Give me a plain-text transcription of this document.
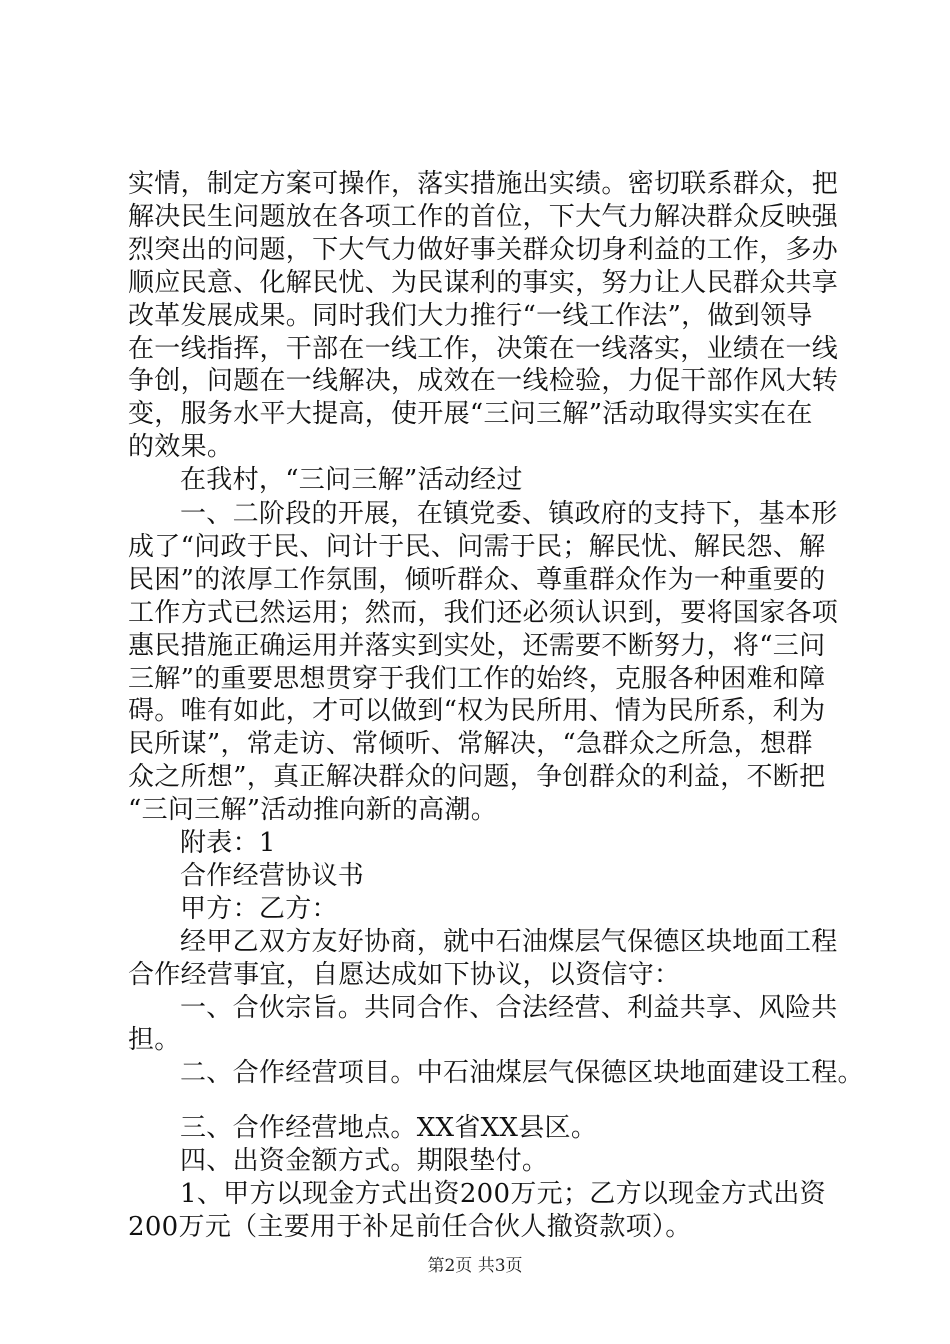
实情，制定方案可操作，落实措施出实绩。密切联系群众，把
解决民生问题放在各项工作的首位，下大气力解决群众反映强
烈突出的问题，下大气力做好事关群众切身利益的工作，多办
顺应民意、化解民忧、为民谋利的事实，努力让人民群众共享
改革发展成果。同时我们大力推行“一线工作法”，做到领导
在一线指挥，干部在一线工作，决策在一线落实，业绩在一线
争创，问题在一线解决，成效在一线检验，力促干部作风大转
变，服务水平大提高，使开展“三问三解”活动取得实实在在
的效果。
在我村，“三问三解”活动经过
一、二阶段的开展，在镇党委、镇政府的支持下，基本形
成了“问政于民、问计于民、问需于民；解民忧、解民怨、解
民困”的浓厚工作氛围，倾听群众、尊重群众作为一种重要的
工作方式已然运用；然而，我们还必须认识到，要将国家各项
惠民措施正确运用并落实到实处，还需要不断努力，将“三问
三解”的重要思想贯穿于我们工作的始终，克服各种困难和障
碍。唯有如此，才可以做到“权为民所用、情为民所系，利为
民所谋”，常走访、常倾听、常解决，“急群众之所急，想群
众之所想”，真正解决群众的问题，争创群众的利益，不断把
“三问三解”活动推向新的高潮。
附表：1
合作经营协议书
甲方：乙方：
经甲乙双方友好协商，就中石油煤层气保德区块地面工程
合作经营事宜，自愿达成如下协议，以资信守：
一、合伙宗旨。共同合作、合法经营、利益共享、风险共
担。
二、合作经营项目。中石油煤层气保德区块地面建设工程。
三、合作经营地点。XX省XX县区。
四、出资金额方式。期限垫付。
1、甲方以现金方式出资200万元；乙方以现金方式出资
200万元（主要用于补足前任合伙人撤资款项）。
第2页 共3页
